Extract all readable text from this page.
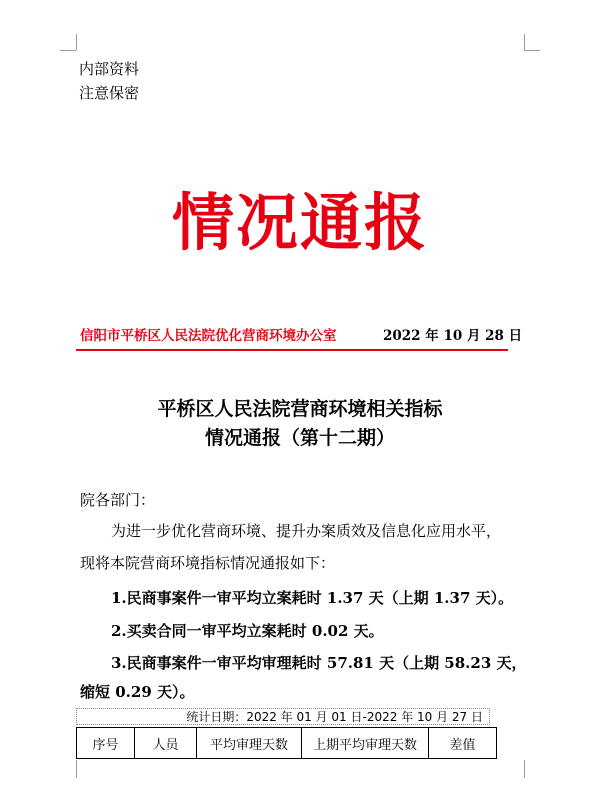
内部资料
注意保密
情况通报
信阳市平桥区人民法院优化营商环境办公室	2022 年 10 月 28 日
平桥区人民法院营商环境相关指标
情况通报（第十二期）
院各部门：
为进一步优化营商环境、提升办案质效及信息化应用水平，
现将本院营商环境指标情况通报如下：
1.民商事案件一审平均立案耗时 1.37 天（上期 1.37 天）。
2.买卖合同一审平均立案耗时 0.02 天。
3.民商事案件一审平均审理耗时 57.81 天（上期 58.23 天，
缩短 0.29 天）。
统计日期：2022 年 01 月 01 日-2022 年 10 月 27 日
序号	人员	平均审理天数	上期平均审理天数	差值
